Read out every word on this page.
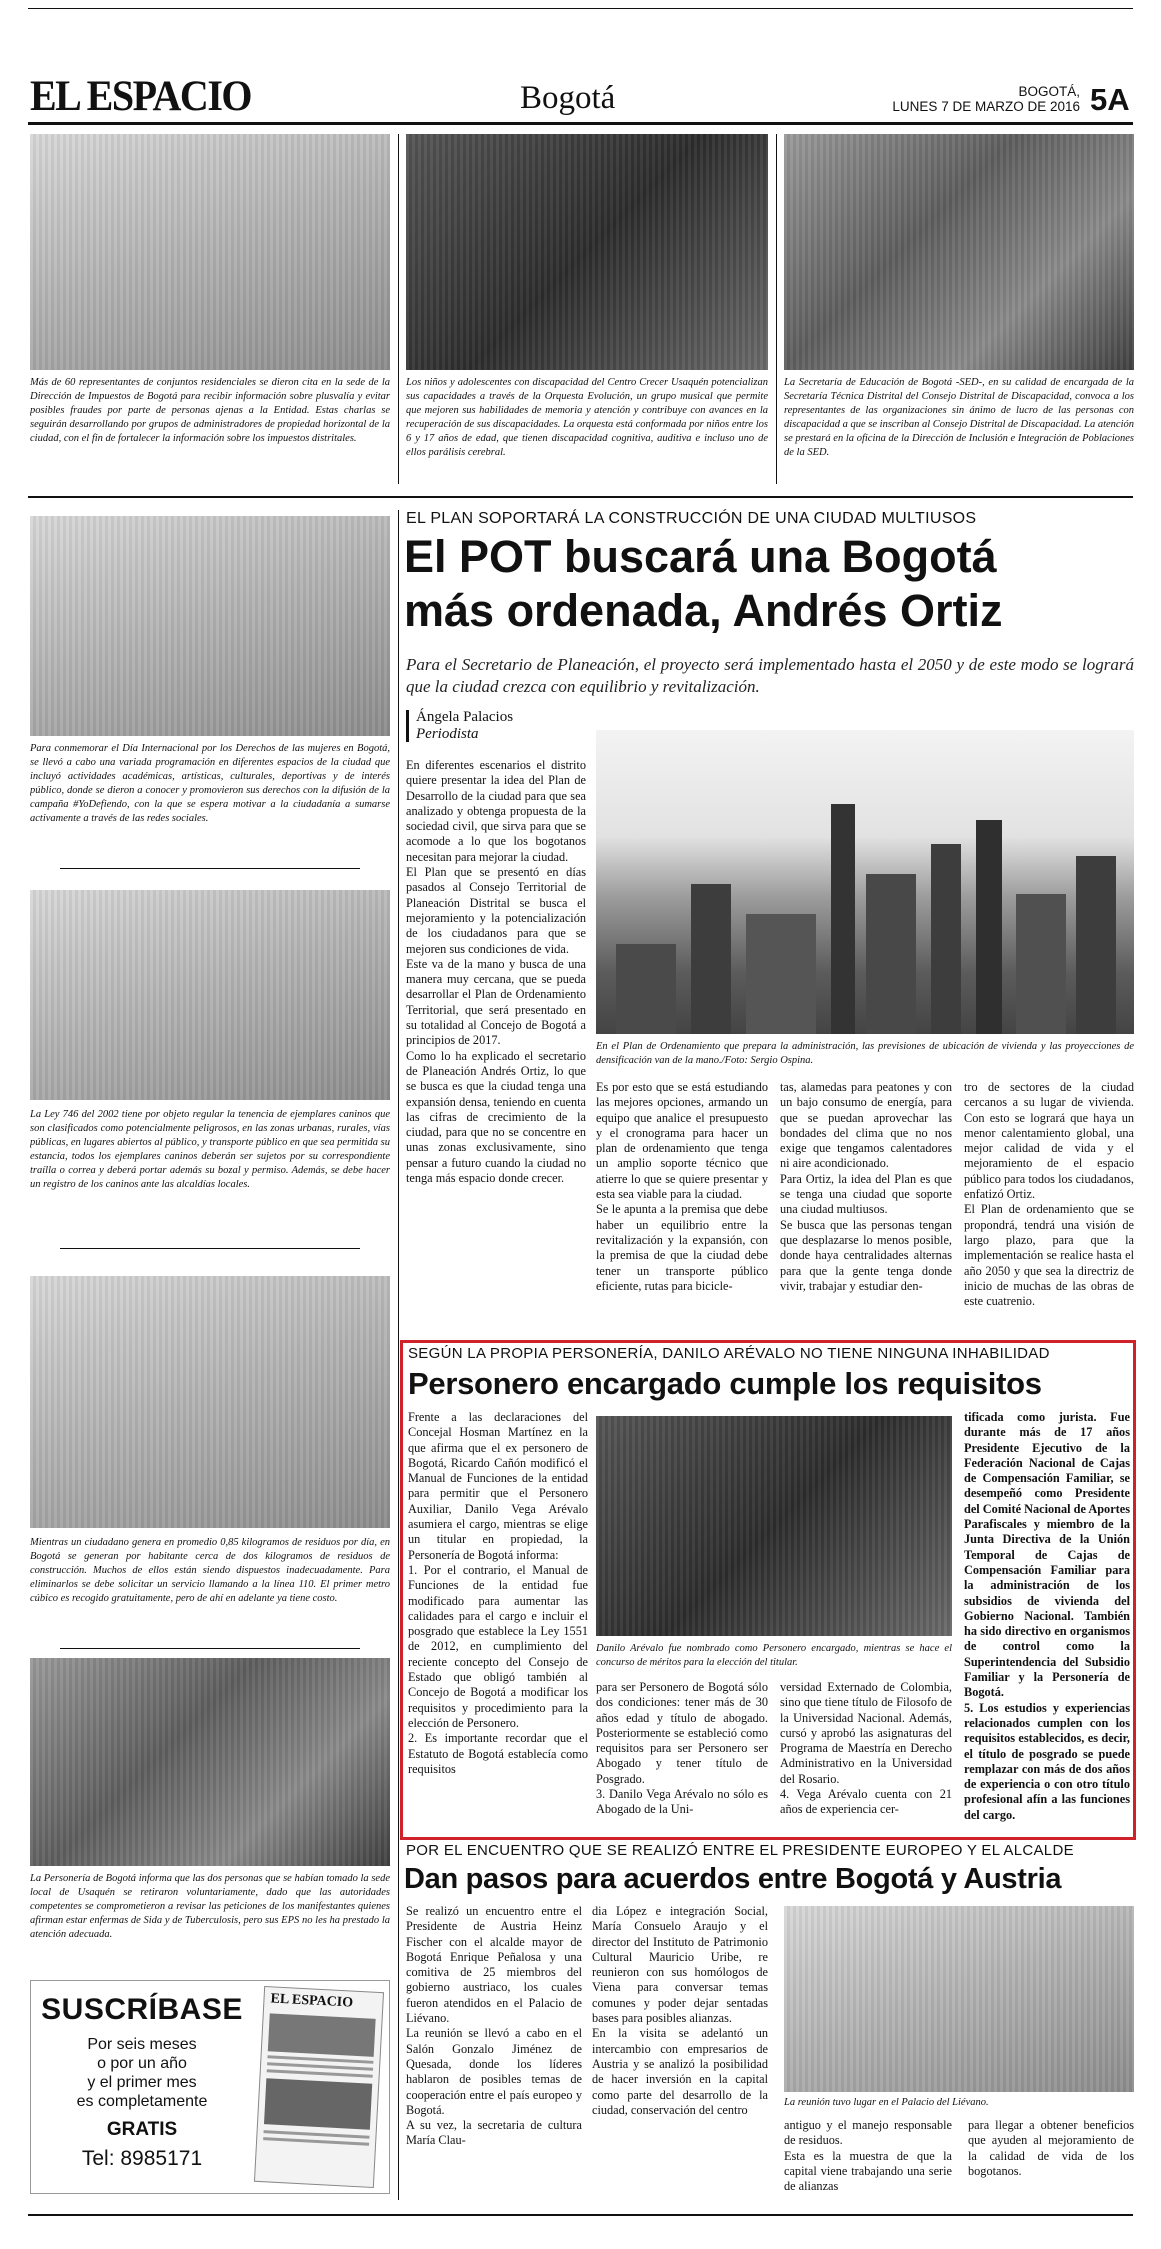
EL ESPACIO	Bogotá	BOGOTÁ,
LUNES 7 DE MARZO DE 2016 5A
Más de 60 representantes de conjuntos residenciales se dieron cita en la sede de la Dirección de Impuestos de Bogotá para recibir información sobre plusvalía y evitar posibles fraudes por parte de personas ajenas a la Entidad. Estas charlas se seguirán desarrollando por grupos de administradores de propiedad horizontal de la ciudad, con el fin de fortalecer la información sobre los impuestos distritales.
Los niños y adolescentes con discapacidad del Centro Crecer Usaquén potencializan sus capacidades a través de la Orquesta Evolución, un grupo musical que permite que mejoren sus habilidades de memoria y atención y contribuye con avances en la recuperación de sus discapacidades. La orquesta está conformada por niños entre los 6 y 17 años de edad, que tienen discapacidad cognitiva, auditiva e incluso uno de ellos parálisis cerebral.
La Secretaría de Educación de Bogotá -SED-, en su calidad de encargada de la Secretaría Técnica Distrital del Consejo Distrital de Discapacidad, convoca a los representantes de las organizaciones sin ánimo de lucro de las personas con discapacidad a que se inscriban al Consejo Distrital de Discapacidad. La atención se prestará en la oficina de la Dirección de Inclusión e Integración de Poblaciones de la SED.
Para conmemorar el Día Internacional por los Derechos de las mujeres en Bogotá, se llevó a cabo una variada programación en diferentes espacios de la ciudad que incluyó actividades académicas, artísticas, culturales, deportivas y de interés público, donde se dieron a conocer y promovieron sus derechos con la difusión de la campaña #YoDefiendo, con la que se espera motivar a la ciudadanía a sumarse activamente a través de las redes sociales.
La Ley 746 del 2002 tiene por objeto regular la tenencia de ejemplares caninos que son clasificados como potencialmente peligrosos, en las zonas urbanas, rurales, vías públicas, en lugares abiertos al público, y transporte público en que sea permitida su estancia, todos los ejemplares caninos deberán ser sujetos por su correspondiente traílla o correa y deberá portar además su bozal y permiso. Además, se debe hacer un registro de los caninos ante las alcaldías locales.
Mientras un ciudadano genera en promedio 0,85 kilogramos de residuos por día, en Bogotá se generan por habitante cerca de dos kilogramos de residuos de construcción. Muchos de ellos están siendo dispuestos inadecuadamente. Para eliminarlos se debe solicitar un servicio llamando a la línea 110. El primer metro cúbico es recogido gratuitamente, pero de ahí en adelante ya tiene costo.
La Personería de Bogotá informa que las dos personas que se habían tomado la sede local de Usaquén se retiraron voluntariamente, dado que las autoridades competentes se comprometieron a revisar las peticiones de los manifestantes quienes afirman estar enfermas de Sida y de Tuberculosis, pero sus EPS no les ha prestado la atención adecuada.
SUSCRÍBASE
Por seis meses
o por un año
y el primer mes
es completamente
GRATIS
Tel: 8985171
EL ESPACIO
EL PLAN SOPORTARÁ LA CONSTRUCCIÓN DE UNA CIUDAD MULTIUSOS
El POT buscará una Bogotá
más ordenada, Andrés Ortiz
Para el Secretario de Planeación, el proyecto será implementado hasta el 2050 y de este modo se logrará que la ciudad crezca con equilibrio y revitalización.
Ángela Palacios
Periodista

En diferentes escenarios el distrito quiere presentar la idea del Plan de Desarrollo de la ciudad para que sea analizado y obtenga propuesta de la sociedad civil, que sirva para que se acomode a lo que los bogotanos necesitan para mejorar la ciudad.

El Plan que se presentó en días pasados al Consejo Territorial de Planeación Distrital se busca el mejoramiento y la potencialización de los ciudadanos para que se mejoren sus condiciones de vida.

Este va de la mano y busca de una manera muy cercana, que se pueda desarrollar el Plan de Ordenamiento Territorial, que será presentado en su totalidad al Concejo de Bogotá a principios de 2017.

Como lo ha explicado el secretario de Planeación Andrés Ortiz, lo que se busca es que la ciudad tenga una expansión densa, teniendo en cuenta las cifras de crecimiento de la ciudad, para que no se concentre en unas zonas exclusivamente, sino pensar a futuro cuando la ciudad no tenga más espacio donde crecer.

En el Plan de Ordenamiento que prepara la administración, las previsiones de ubicación de vivienda y las proyecciones de densificación van de la mano./Foto: Sergio Ospina.

Es por esto que se está estudiando las mejores opciones, armando un equipo que analice el presupuesto y el cronograma para hacer un plan de ordenamiento que tenga un amplio soporte técnico que atierre lo que se quiere presentar y esta sea viable para la ciudad.

Se le apunta a la premisa que debe haber un equilibrio entre la revitalización y la expansión, con la premisa de que la ciudad debe tener un transporte público eficiente, rutas para bicicle-

tas, alamedas para peatones y con un bajo consumo de energía, para que se puedan aprovechar las bondades del clima que no nos exige que tengamos calentadores ni aire acondicionado.

Para Ortiz, la idea del Plan es que se tenga una ciudad que soporte una ciudad multiusos.

Se busca que las personas tengan que desplazarse lo menos posible, donde haya centralidades alternas para que la gente tenga donde vivir, trabajar y estudiar den-

tro de sectores de la ciudad cercanos a su lugar de vivienda. Con esto se logrará que haya un menor calentamiento global, una mejor calidad de vida y el mejoramiento de el espacio público para todos los ciudadanos, enfatizó Ortiz.

El Plan de ordenamiento que se propondrá, tendrá una visión de largo plazo, para que la implementación se realice hasta el año 2050 y que sea la directriz de inicio de muchas de las obras de este cuatrenio.

SEGÚN LA PROPIA PERSONERÍA, DANILO ARÉVALO NO TIENE NINGUNA INHABILIDAD
Personero encargado cumple los requisitos

Frente a las declaraciones del Concejal Hosman Martínez en la que afirma que el ex personero de Bogotá, Ricardo Cañón modificó el Manual de Funciones de la entidad para permitir que el Personero Auxiliar, Danilo Vega Arévalo asumiera el cargo, mientras se elige un titular en propiedad, la Personería de Bogotá informa:

1. Por el contrario, el Manual de Funciones de la entidad fue modificado para aumentar las calidades para el cargo e incluir el posgrado que establece la Ley 1551 de 2012, en cumplimiento del reciente concepto del Consejo de Estado que obligó también al Concejo de Bogotá a modificar los requisitos y procedimiento para la elección de Personero.

2. Es importante recordar que el Estatuto de Bogotá establecía como requisitos

Danilo Arévalo fue nombrado como Personero encargado, mientras se hace el concurso de méritos para la elección del titular.

para ser Personero de Bogotá sólo dos condiciones: tener más de 30 años edad y título de abogado. Posteriormente se estableció como requisitos para ser Personero ser Abogado y tener título de Posgrado.

3. Danilo Vega Arévalo no sólo es Abogado de la Uni-

versidad Externado de Colombia, sino que tiene título de Filosofo de la Universidad Nacional. Además, cursó y aprobó las asignaturas del Programa de Maestría en Derecho Administrativo en la Universidad del Rosario.

4. Vega Arévalo cuenta con 21 años de experiencia cer-

tificada como jurista. Fue durante más de 17 años Presidente Ejecutivo de la Federación Nacional de Cajas de Compensación Familiar, se desempeñó como Presidente del Comité Nacional de Aportes Parafiscales y miembro de la Junta Directiva de la Unión Temporal de Cajas de Compensación Familiar para la administración de los subsidios de vivienda del Gobierno Nacional. También ha sido directivo en organismos de control como la Superintendencia del Subsidio Familiar y la Personería de Bogotá.

5. Los estudios y experiencias relacionados cumplen con los requisitos establecidos, es decir, el título de posgrado se puede remplazar con más de dos años de experiencia o con otro título profesional afín a las funciones del cargo.

POR EL ENCUENTRO QUE SE REALIZÓ ENTRE EL PRESIDENTE EUROPEO Y EL ALCALDE
Dan pasos para acuerdos entre Bogotá y Austria

Se realizó un encuentro entre el Presidente de Austria Heinz Fischer con el alcalde mayor de Bogotá Enrique Peñalosa y una comitiva de 25 miembros del gobierno austriaco, los cuales fueron atendidos en el Palacio de Liévano.

La reunión se llevó a cabo en el Salón Gonzalo Jiménez de Quesada, donde los líderes hablaron de posibles temas de cooperación entre el país europeo y Bogotá.

A su vez, la secretaria de cultura María Clau-

dia López e integración Social, María Consuelo Araujo y el director del Instituto de Patrimonio Cultural Mauricio Uribe, re reunieron con sus homólogos de Viena para conversar temas comunes y poder dejar sentadas bases para posibles alianzas.

En la visita se adelantó un intercambio con empresarios de Austria y se analizó la posibilidad de hacer inversión en la capital como parte del desarrollo de la ciudad, conservación del centro

La reunión tuvo lugar en el Palacio del Liévano.

antiguo y el manejo responsable de residuos.

Esta es la muestra de que la capital viene trabajando una serie de alianzas

para llegar a obtener beneficios que ayuden al mejoramiento de la calidad de vida de los bogotanos.
